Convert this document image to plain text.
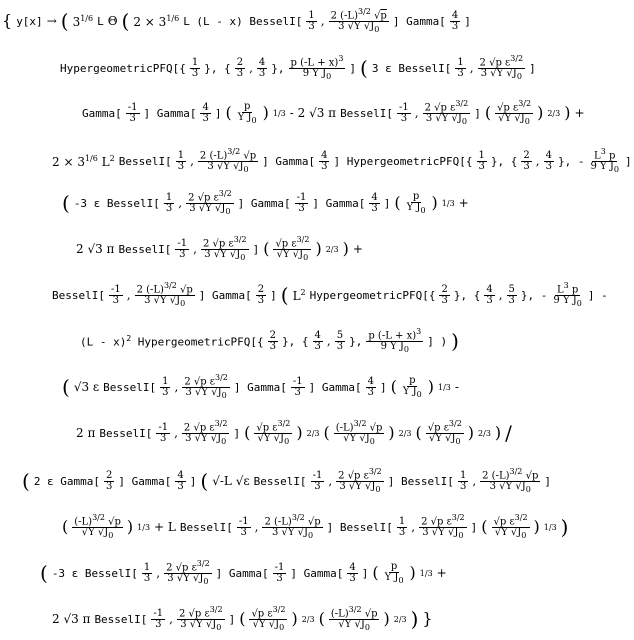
{ y[x] → ( $3^{1/6}$ L Θ ( $2 \times 3^{1/6}$ L (L - x) BesselI[ $\frac{1}{3}$ , $\frac{2 (-L)^{3/2} √p}{3 √Y √J_0}$ ] Gamma[ $\frac{4}{3}$ ]
HypergeometricPFQ[{ $\frac{1}{3}$ }, { $\frac{2}{3}$ , $\frac{4}{3}$ }, $\frac{p (-L + x)^3}{9 Y J_0}$ ] ( 3 ε BesselI[ $\frac{1}{3}$ , $\frac{2 √p \varepsilon^{3/2}}{3 √Y √J_0}$ ]
Gamma[ $\frac{-1}{3}$ ] Gamma[ $\frac{4}{3}$ ] ( $\frac{p}{Y J_0}$ ) 1/3 - 2 √3 π BesselI[ $\frac{-1}{3}$ , $\frac{2 √p \varepsilon^{3/2}}{3 √Y √J_0}$ ] ( $\frac{√p \varepsilon^{3/2}}{√Y √J_0}$ ) 2/3 ) +
$2 \times 3^{1/6}$ $L^2$ BesselI[ $\frac{1}{3}$ , $\frac{2 (-L)^{3/2} √p}{3 √Y √J_0}$ ] Gamma[ $\frac{4}{3}$ ] HypergeometricPFQ[{ $\frac{1}{3}$ }, { $\frac{2}{3}$ , $\frac{4}{3}$ }, - $\frac{L^3 p}{9 Y J_0}$ ]
( -3 ε BesselI[ $\frac{1}{3}$ , $\frac{2 √p \varepsilon^{3/2}}{3 √Y √J_0}$ ] Gamma[ $\frac{-1}{3}$ ] Gamma[ $\frac{4}{3}$ ] ( $\frac{p}{Y J_0}$ ) 1/3 +
2 √3 π BesselI[ $\frac{-1}{3}$ , $\frac{2 √p \varepsilon^{3/2}}{3 √Y √J_0}$ ] ( $\frac{√p \varepsilon^{3/2}}{√Y √J_0}$ ) 2/3 ) +
BesselI[ $\frac{-1}{3}$ , $\frac{2 (-L)^{3/2} √p}{3 √Y √J_0}$ ] Gamma[ $\frac{2}{3}$ ] ( $L^2$ HypergeometricPFQ[{ $\frac{2}{3}$ }, { $\frac{4}{3}$ , $\frac{5}{3}$ }, - $\frac{L^3 p}{9 Y J_0}$ ] -
(L - x)$^2$ HypergeometricPFQ[{ $\frac{2}{3}$ }, { $\frac{4}{3}$ , $\frac{5}{3}$ }, $\frac{p (-L + x)^3}{9 Y J_0}$ ] ) )
( √3 ε BesselI[ $\frac{1}{3}$ , $\frac{2 √p \varepsilon^{3/2}}{3 √Y √J_0}$ ] Gamma[ $\frac{-1}{3}$ ] Gamma[ $\frac{4}{3}$ ] ( $\frac{p}{Y J_0}$ ) 1/3 -
2 π BesselI[ $\frac{-1}{3}$ , $\frac{2 √p \varepsilon^{3/2}}{3 √Y √J_0}$ ] ( $\frac{√p \varepsilon^{3/2}}{√Y √J_0}$ ) 2/3 ( $\frac{(-L)^{3/2} √p}{√Y √J_0}$ ) 2/3 ( $\frac{√p \varepsilon^{3/2}}{√Y √J_0}$ ) 2/3 ) /
( 2 ε Gamma[ $\frac{2}{3}$ ] Gamma[ $\frac{4}{3}$ ] ( √-L √ε BesselI[ $\frac{-1}{3}$ , $\frac{2 √p \varepsilon^{3/2}}{3 √Y √J_0}$ ] BesselI[ $\frac{1}{3}$ , $\frac{2 (-L)^{3/2} √p}{3 √Y √J_0}$ ]
( $\frac{(-L)^{3/2} √p}{√Y √J_0}$ ) 1/3 + L BesselI[ $\frac{-1}{3}$ , $\frac{2 (-L)^{3/2} √p}{3 √Y √J_0}$ ] BesselI[ $\frac{1}{3}$ , $\frac{2 √p \varepsilon^{3/2}}{3 √Y √J_0}$ ] ( $\frac{√p \varepsilon^{3/2}}{√Y √J_0}$ ) 1/3 )
( -3 ε BesselI[ $\frac{1}{3}$ , $\frac{2 √p \varepsilon^{3/2}}{3 √Y √J_0}$ ] Gamma[ $\frac{-1}{3}$ ] Gamma[ $\frac{4}{3}$ ] ( $\frac{p}{Y J_0}$ ) 1/3 +
2 √3 π BesselI[ $\frac{-1}{3}$ , $\frac{2 √p \varepsilon^{3/2}}{3 √Y √J_0}$ ] ( $\frac{√p \varepsilon^{3/2}}{√Y √J_0}$ ) 2/3 ( $\frac{(-L)^{3/2} √p}{√Y √J_0}$ ) 2/3 ) }
